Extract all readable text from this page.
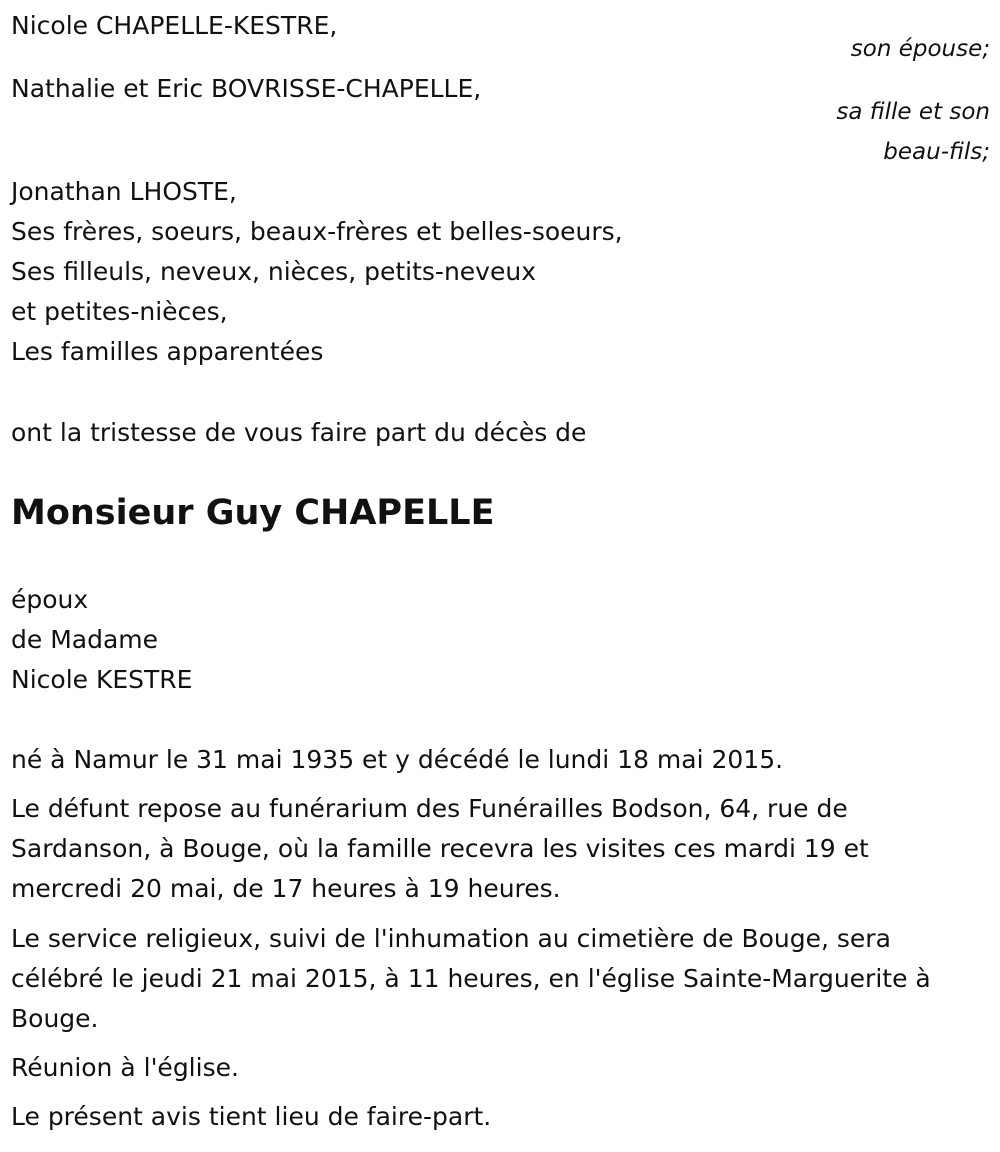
Nicole CHAPELLE-KESTRE,
son épouse;
Nathalie et Eric BOVRISSE-CHAPELLE,
sa fille et son
beau-fils;
Jonathan LHOSTE,
Ses frères, soeurs, beaux-frères et belles-soeurs,
Ses filleuls, neveux, nièces, petits-neveux
et petites-nièces,
Les familles apparentées
ont la tristesse de vous faire part du décès de
Monsieur Guy CHAPELLE
époux
de Madame
Nicole KESTRE
né à Namur le 31 mai 1935 et y décédé le lundi 18 mai 2015.
Le défunt repose au funérarium des Funérailles Bodson, 64, rue de Sardanson, à Bouge, où la famille recevra les visites ces mardi 19 et mercredi 20 mai, de 17 heures à 19 heures.
Le service religieux, suivi de l'inhumation au cimetière de Bouge, sera célébré le jeudi 21 mai 2015, à 11 heures, en l'église Sainte-Marguerite à Bouge.
Réunion à l'église.
Le présent avis tient lieu de faire-part.
